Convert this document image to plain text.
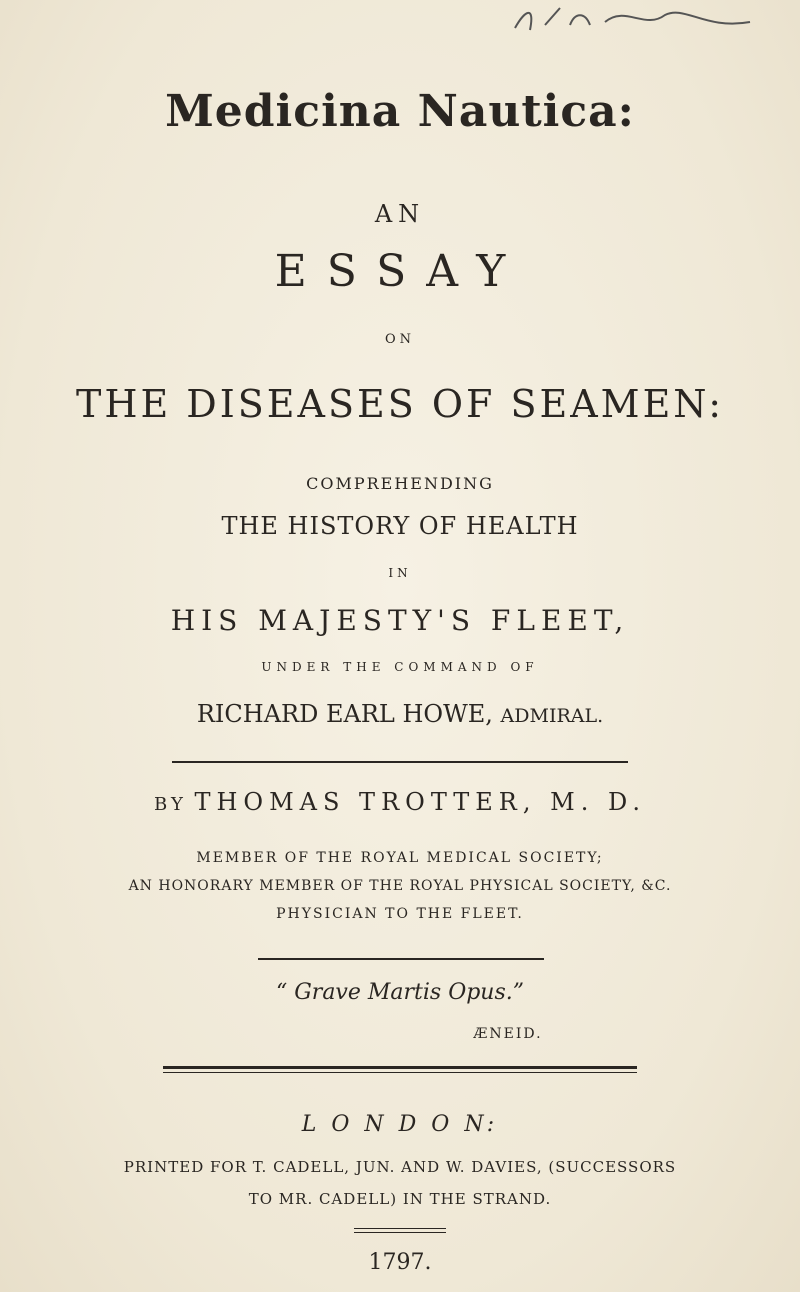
Medicina Nautica:
AN
ESSAY
ON
THE DISEASES OF SEAMEN:
COMPREHENDING
THE HISTORY OF HEALTH
IN
HIS MAJESTY'S FLEET,
UNDER THE COMMAND OF
RICHARD EARL HOWE, ADMIRAL.
BY THOMAS TROTTER, M. D.
MEMBER OF THE ROYAL MEDICAL SOCIETY;
AN HONORARY MEMBER OF THE ROYAL PHYSICAL SOCIETY, &C.
PHYSICIAN TO THE FLEET.
“ Grave Martis Opus.”
ÆNEID.
L O N D O N:
PRINTED FOR T. CADELL, JUN. AND W. DAVIES, (SUCCESSORS
TO MR. CADELL) IN THE STRAND.
1797.
